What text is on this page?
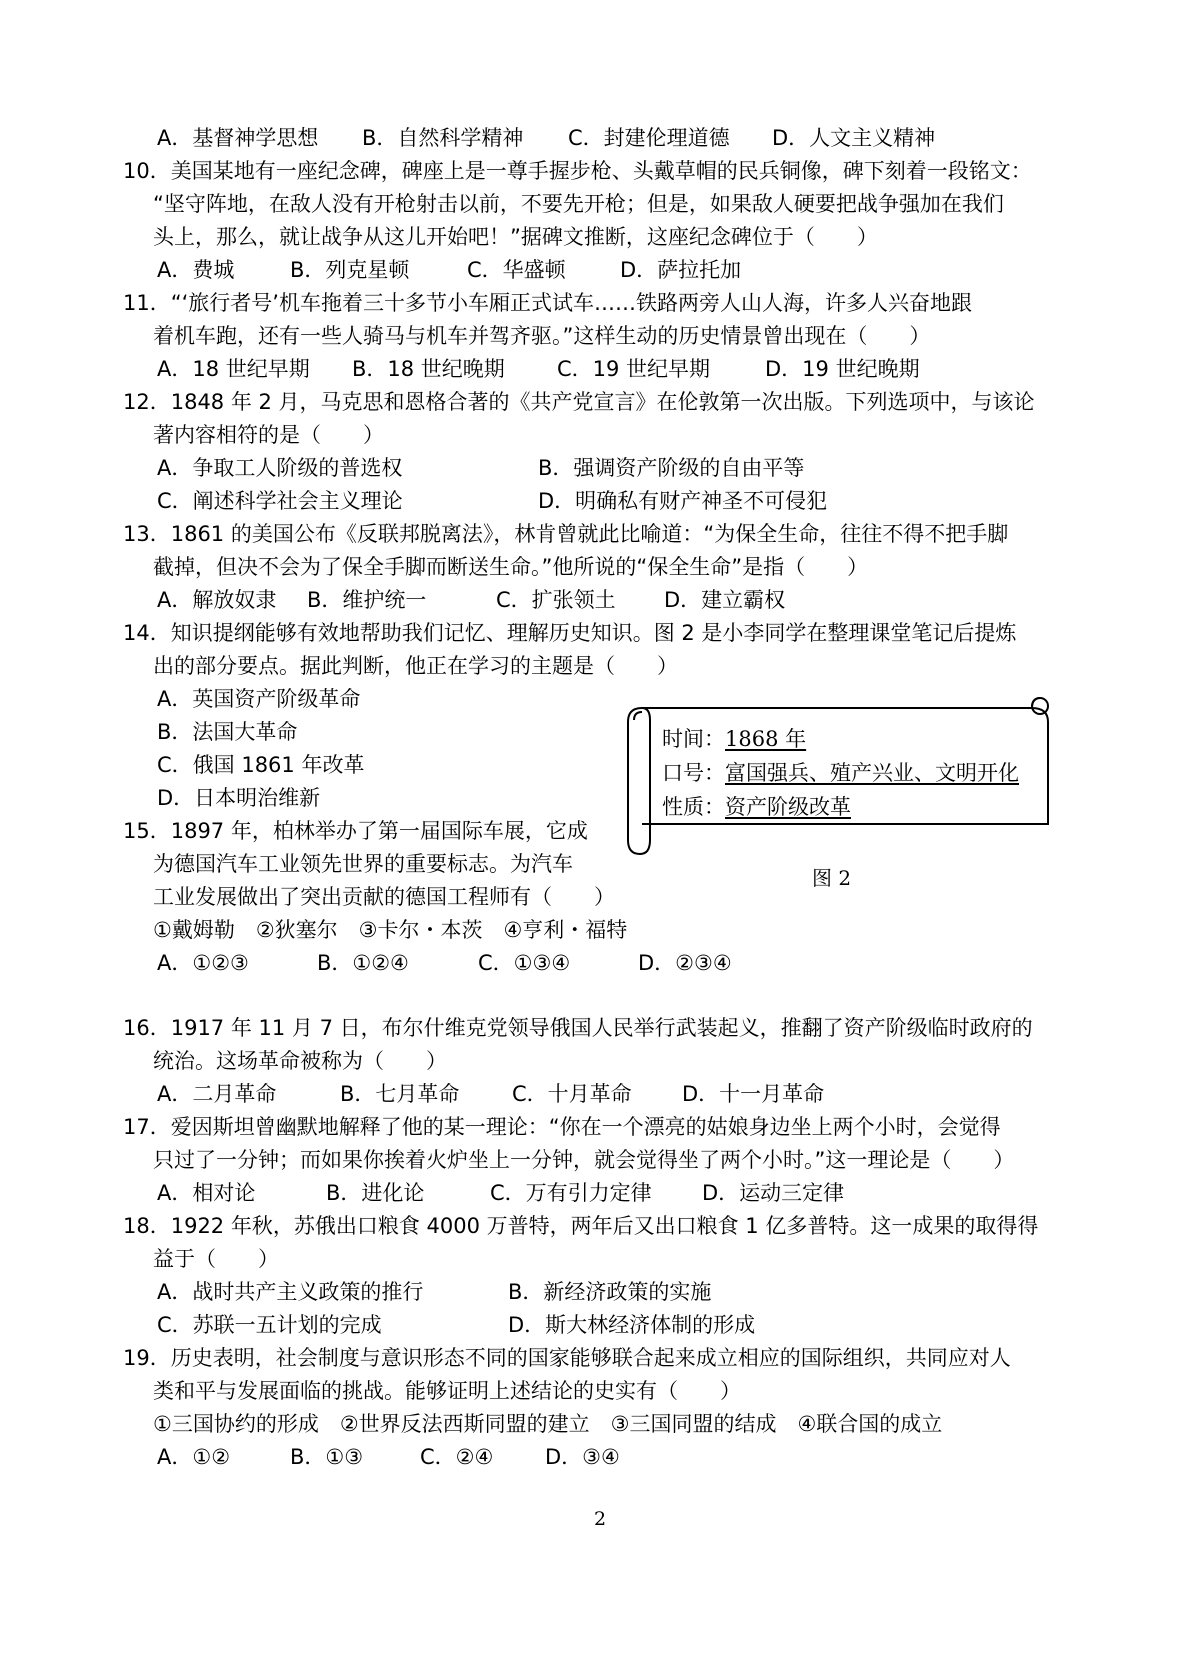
A．基督神学思想 B．自然科学精神 C．封建伦理道德 D．人文主义精神
10．美国某地有一座纪念碑，碑座上是一尊手握步枪、头戴草帽的民兵铜像，碑下刻着一段铭文：
“坚守阵地，在敌人没有开枪射击以前，不要先开枪；但是，如果敌人硬要把战争强加在我们
头上，那么，就让战争从这儿开始吧！”据碑文推断，这座纪念碑位于（　　）
A．费城	B．列克星顿	C．华盛顿	D．萨拉托加
11．“‘旅行者号’机车拖着三十多节小车厢正式试车……铁路两旁人山人海，许多人兴奋地跟
着机车跑，还有一些人骑马与机车并驾齐驱。”这样生动的历史情景曾出现在（　　）
A．18 世纪早期 B．18 世纪晚期 C．19 世纪早期	D．19 世纪晚期
12．1848 年 2 月，马克思和恩格合著的《共产党宣言》在伦敦第一次出版。下列选项中，与该论
著内容相符的是（　　）
A．争取工人阶级的普选权	B．强调资产阶级的自由平等
C．阐述科学社会主义理论	D．明确私有财产神圣不可侵犯
13．1861 的美国公布《反联邦脱离法》，林肯曾就此比喻道：“为保全生命，往往不得不把手脚
截掉，但决不会为了保全手脚而断送生命。”他所说的“保全生命”是指（　　）
A．解放奴隶 B．维护统一	C．扩张领土 D．建立霸权
14．知识提纲能够有效地帮助我们记忆、理解历史知识。图 2 是小李同学在整理课堂笔记后提炼
出的部分要点。据此判断，他正在学习的主题是（　　）
A．英国资产阶级革命
B．法国大革命
C．俄国 1861 年改革
D．日本明治维新
时间：1868 年
口号：富国强兵、殖产兴业、文明开化
性质：资产阶级改革
图 2
15．1897 年，柏林举办了第一届国际车展，它成
为德国汽车工业领先世界的重要标志。为汽车
工业发展做出了突出贡献的德国工程师有（　　）
①戴姆勒　②狄塞尔　③卡尔・本茨　④亨利・福特
A．①②③	B．①②④	C．①③④	D．②③④
16．1917 年 11 月 7 日，布尔什维克党领导俄国人民举行武装起义，推翻了资产阶级临时政府的
统治。这场革命被称为（　　）
A．二月革命	B．七月革命	C．十月革命 D．十一月革命
17．爱因斯坦曾幽默地解释了他的某一理论：“你在一个漂亮的姑娘身边坐上两个小时，会觉得
只过了一分钟；而如果你挨着火炉坐上一分钟，就会觉得坐了两个小时。”这一理论是（　　）
A．相对论	B．进化论	C．万有引力定律 D．运动三定律
18．1922 年秋，苏俄出口粮食 4000 万普特，两年后又出口粮食 1 亿多普特。这一成果的取得得
益于（　　）
A．战时共产主义政策的推行	B．新经济政策的实施
C．苏联一五计划的完成	D．斯大林经济体制的形成
19．历史表明，社会制度与意识形态不同的国家能够联合起来成立相应的国际组织，共同应对人
类和平与发展面临的挑战。能够证明上述结论的史实有（　　）
①三国协约的形成　②世界反法西斯同盟的建立　③三国同盟的结成　④联合国的成立
A．①②	B．①③	C．②④ D．③④
2
